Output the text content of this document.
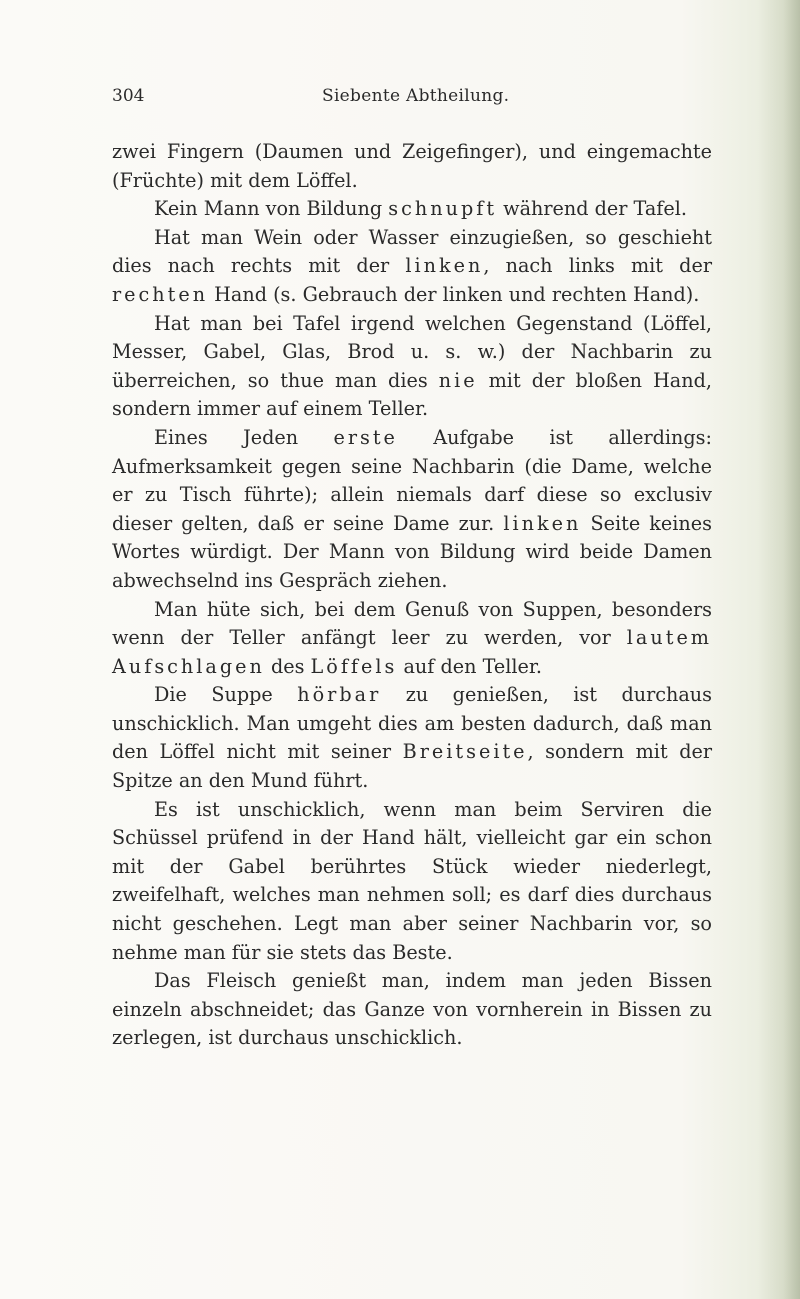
304	Siebente Abtheilung.

zwei Fingern (Daumen und Zeigefinger), und eingemachte (Früchte) mit dem Löffel.

Kein Mann von Bildung schnupft während der Tafel.

Hat man Wein oder Wasser einzugießen, so geschieht dies nach rechts mit der linken, nach links mit der rechten Hand (s. Gebrauch der linken und rechten Hand).

Hat man bei Tafel irgend welchen Gegenstand (Löffel, Messer, Gabel, Glas, Brod u. s. w.) der Nachbarin zu überreichen, so thue man dies nie mit der bloßen Hand, sondern immer auf einem Teller.

Eines Jeden erste Aufgabe ist allerdings: Aufmerksamkeit gegen seine Nachbarin (die Dame, welche er zu Tisch führte); allein niemals darf diese so exclusiv dieser gelten, daß er seine Dame zur. linken Seite keines Wortes würdigt. Der Mann von Bildung wird beide Damen abwechselnd ins Gespräch ziehen.

Man hüte sich, bei dem Genuß von Suppen, besonders wenn der Teller anfängt leer zu werden, vor lautem Aufschlagen des Löffels auf den Teller.

Die Suppe hörbar zu genießen, ist durchaus unschicklich. Man umgeht dies am besten dadurch, daß man den Löffel nicht mit seiner Breitseite, sondern mit der Spitze an den Mund führt.

Es ist unschicklich, wenn man beim Serviren die Schüssel prüfend in der Hand hält, vielleicht gar ein schon mit der Gabel berührtes Stück wieder niederlegt, zweifelhaft, welches man nehmen soll; es darf dies durchaus nicht geschehen. Legt man aber seiner Nachbarin vor, so nehme man für sie stets das Beste.

Das Fleisch genießt man, indem man jeden Bissen einzeln abschneidet; das Ganze von vornherein in Bissen zu zerlegen, ist durchaus unschicklich.
